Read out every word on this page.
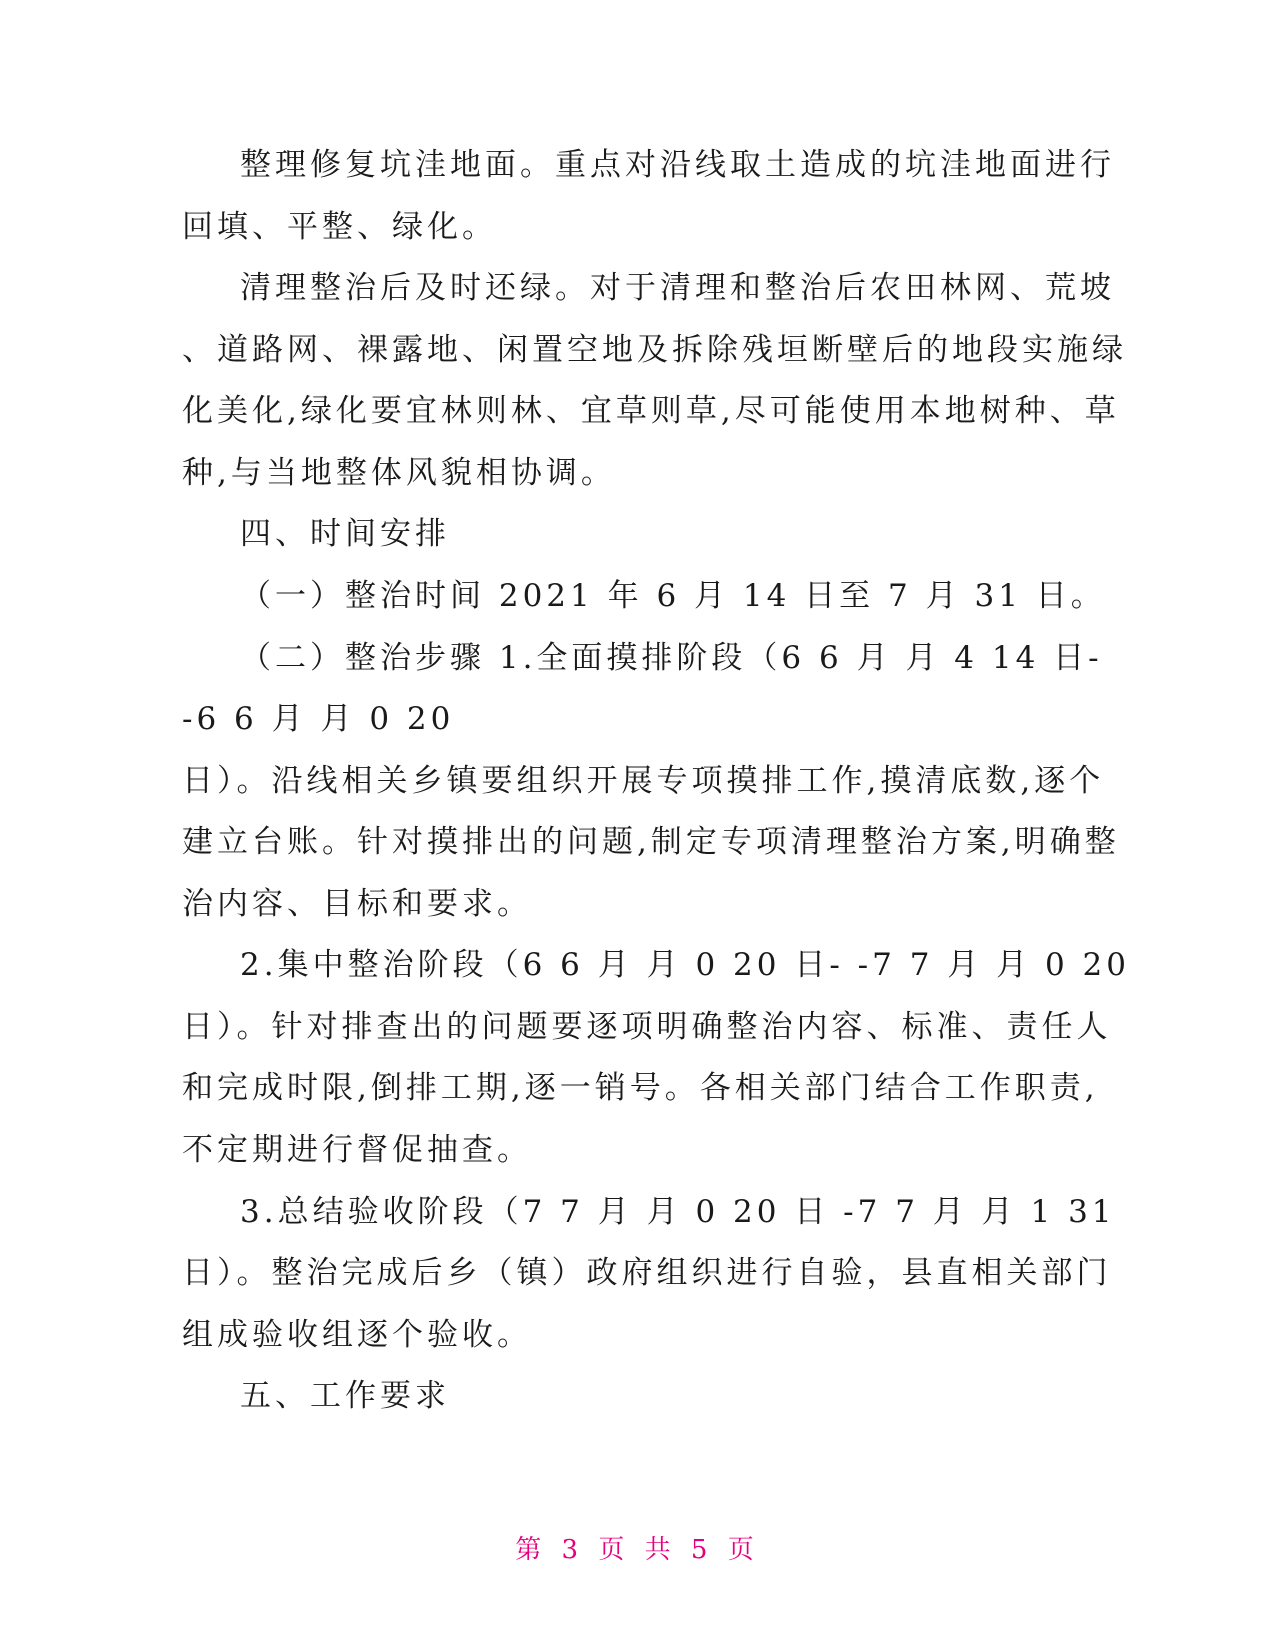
整理修复坑洼地面。重点对沿线取土造成的坑洼地面进行
回填、平整、绿化。
清理整治后及时还绿。对于清理和整治后农田林网、荒坡
、道路网、裸露地、闲置空地及拆除残垣断壁后的地段实施绿
化美化,绿化要宜林则林、宜草则草,尽可能使用本地树种、草
种,与当地整体风貌相协调。
四、时间安排
（一）整治时间 2021 年 6 月 14 日至 7 月 31 日。
（二）整治步骤 1.全面摸排阶段（6 6 月 月 4 14 日-
-6 6 月 月 0 20
日）。沿线相关乡镇要组织开展专项摸排工作,摸清底数,逐个
建立台账。针对摸排出的问题,制定专项清理整治方案,明确整
治内容、目标和要求。
2.集中整治阶段（6 6 月 月 0 20 日- -7 7 月 月 0 20
日）。针对排查出的问题要逐项明确整治内容、标准、责任人
和完成时限,倒排工期,逐一销号。各相关部门结合工作职责,
不定期进行督促抽查。
3.总结验收阶段（7 7 月 月 0 20 日 -7 7 月 月 1 31
日）。整治完成后乡（镇）政府组织进行自验，县直相关部门
组成验收组逐个验收。
五、工作要求
第 3 页 共 5 页
